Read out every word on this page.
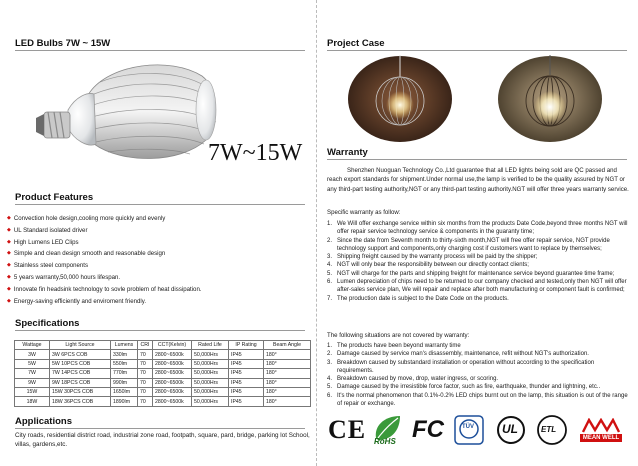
LED Bulbs 7W ~ 15W
7W~15W
Product Features
◆ Convection hole design,cooling more quickly and evenly
◆ UL Standard isolated driver
◆ High Lumens LED Clips
◆ Simple and clean design smooth and reasonable design
◆ Stainless steel components
◆ 5 years warranty,50,000 hours lifespan.
◆ Innovate fin headsink technology to sovle problem of heat dissipation.
◆ Energy-saving efficiently and enviroment friendly.
Specifications
Wattage	Light Source	Lumens	CRI	CCT(Kelvin)	Rated Life	IP Rating	Beam Angle
3W	3W 6PCS COB	330lm	70	2800~6500k	50,000Hrs	IP45	180°
5W	5W 10PCS COB	550lm	70	2800~6500k	50,000Hrs	IP45	180°
7W	7W 14PCS COB	770lm	70	2800~6500k	50,000Hrs	IP45	180°
9W	9W 18PCS COB	990lm	70	2800~6500k	50,000Hrs	IP45	180°
15W	15W 30PCS COB	1650lm	70	2800~6500k	50,000Hrs	IP45	180°
18W	18W 36PCS COB	1890lm	70	2800~6500k	50,000Hrs	IP45	180°
Applications
City roads, residential district road, industrial zone road, footpath, square, pard, bridge, parking lot School, villas, gardens,etc.
Project Case
Warranty
Shenzhen Nuoguan Technology Co.,Ltd guarantee that all LED lights being sold are QC passed and reach export standards for shipment.Under normal use,the lamp is verified to be the quality assured by NGT or any third-part testing authority,NGT or any third-part testing authority.NGT will offer three years warranty service.
Specific warranty as follow:
1. We Will offer exchange service within six months from the products Date Code,beyond three months NGT will offer repair service technology service & components in the guaranty time;
2. Since the date from Seventh month to thirty-sixth month,NGT will free offer repair service, NGT provide technology support and components,only charging cost if customers want to replace by themselves;
3. Shipping freight caused by the warranty process will be paid by the shipper;
4. NGT will only bear the responsibility between our directly contact clients;
5. NGT will charge for the parts and shipping freight for maintenance service beyond guarantee time frame;
6. Lumen depreciation of chips need to be returned to our company checked and tested,only then NGT will offer after-sales service plan, We will repair and replace after both manufacturing or component fault is confirmed;
7. The production date is subject to the Date Code on the products.
The following situations are not covered by warranty:
1. The products have been beyond warranty time
2. Damage caused by service man's disassembly, maintenance, refit without NGT's authorization.
3. Breakdown caused by substandard installation or operation without according to the specification requirements.
4. Breakdown caused by move, drop, water ingress, or scoring.
5. Damage caused by the irresistible force factor, such as fire, earthquake, thunder and lightning, etc..
6. It's the normal phenomenon that 0.1%-0.2% LED chips burnt out on the lamp, this situation is out of the range of repair or exchange.
CE RoHS FC	TÜV UL	ETL
MEAN WELL
